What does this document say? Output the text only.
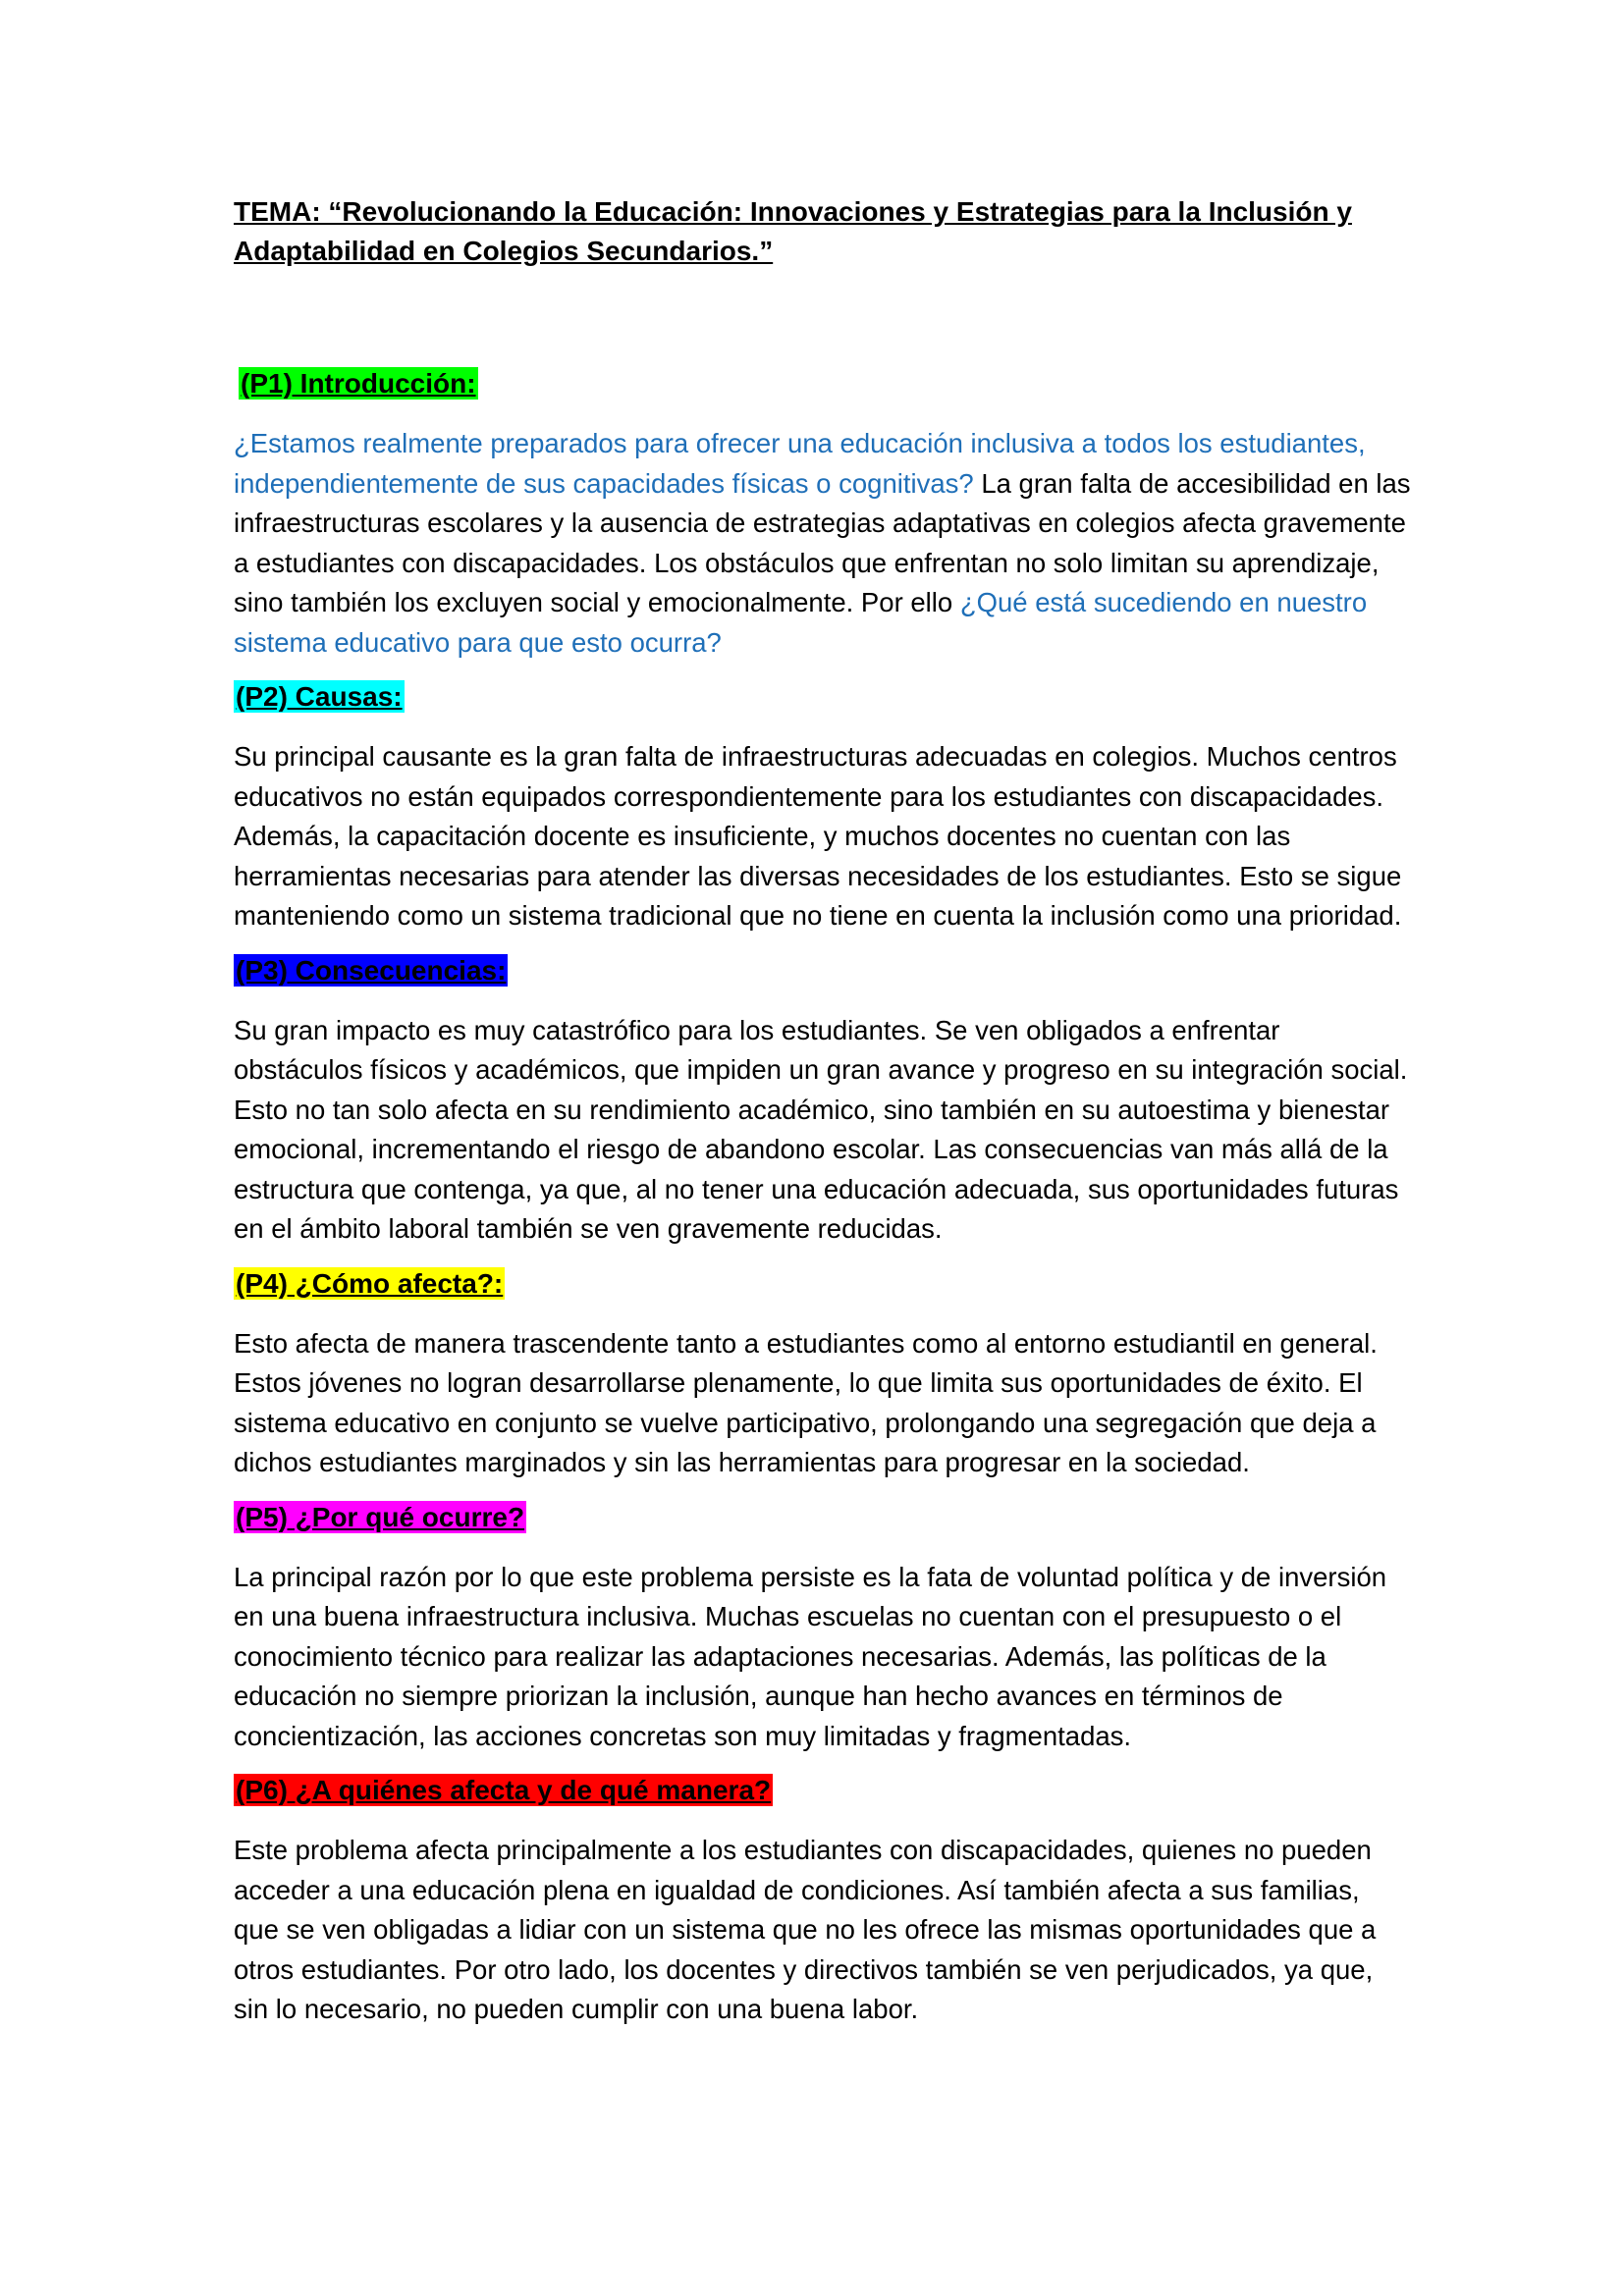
TEMA: “Revolucionando la Educación: Innovaciones y Estrategias para la Inclusión y Adaptabilidad en Colegios Secundarios.”

(P1) Introducción:

¿Estamos realmente preparados para ofrecer una educación inclusiva a todos los estudiantes, independientemente de sus capacidades físicas o cognitivas? La gran falta de accesibilidad en las infraestructuras escolares y la ausencia de estrategias adaptativas en colegios afecta gravemente a estudiantes con discapacidades. Los obstáculos que enfrentan no solo limitan su aprendizaje, sino también los excluyen social y emocionalmente. Por ello ¿Qué está sucediendo en nuestro sistema educativo para que esto ocurra?

(P2) Causas:

Su principal causante es la gran falta de infraestructuras adecuadas en colegios. Muchos centros educativos no están equipados correspondientemente para los estudiantes con discapacidades. Además, la capacitación docente es insuficiente, y muchos docentes no cuentan con las herramientas necesarias para atender las diversas necesidades de los estudiantes. Esto se sigue manteniendo como un sistema tradicional que no tiene en cuenta la inclusión como una prioridad.

(P3) Consecuencias:

Su gran impacto es muy catastrófico para los estudiantes. Se ven obligados a enfrentar obstáculos físicos y académicos, que impiden un gran avance y progreso en su integración social. Esto no tan solo afecta en su rendimiento académico, sino también en su autoestima y bienestar emocional, incrementando el riesgo de abandono escolar. Las consecuencias van más allá de la estructura que contenga, ya que, al no tener una educación adecuada, sus oportunidades futuras en el ámbito laboral también se ven gravemente reducidas.

(P4) ¿Cómo afecta?:

Esto afecta de manera trascendente tanto a estudiantes como al entorno estudiantil en general. Estos jóvenes no logran desarrollarse plenamente, lo que limita sus oportunidades de éxito. El sistema educativo en conjunto se vuelve participativo, prolongando una segregación que deja a dichos estudiantes marginados y sin las herramientas para progresar en la sociedad.

(P5) ¿Por qué ocurre?

La principal razón por lo que este problema persiste es la fata de voluntad política y de inversión en una buena infraestructura inclusiva. Muchas escuelas no cuentan con el presupuesto o el conocimiento técnico para realizar las adaptaciones necesarias. Además, las políticas de la educación no siempre priorizan la inclusión, aunque han hecho avances en términos de concientización, las acciones concretas son muy limitadas y fragmentadas.

(P6) ¿A quiénes afecta y de qué manera?

Este problema afecta principalmente a los estudiantes con discapacidades, quienes no pueden acceder a una educación plena en igualdad de condiciones. Así también afecta a sus familias, que se ven obligadas a lidiar con un sistema que no les ofrece las mismas oportunidades que a otros estudiantes. Por otro lado, los docentes y directivos también se ven perjudicados, ya que, sin lo necesario, no pueden cumplir con una buena labor.
